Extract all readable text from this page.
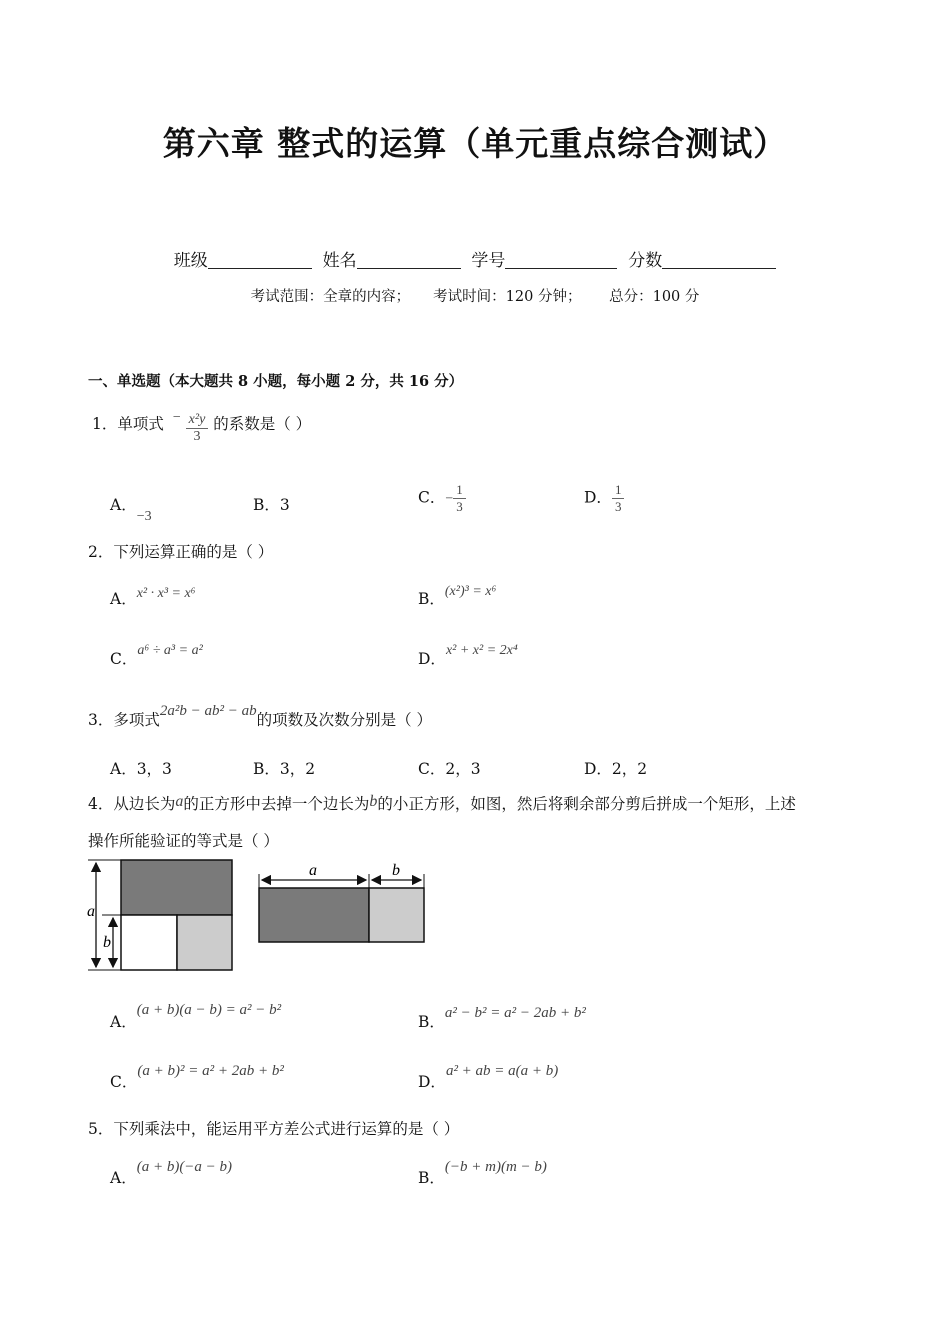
第六章 整式的运算（单元重点综合测试）
班级	姓名	学号	分数
考试范围：全章的内容；     考试时间：120 分钟；      总分：100 分
一、单选题（本大题共 8 小题，每小题 2 分，共 16 分）
1．单项式 − $\frac{\text{x²y}}{3}$ 的系数是（ ）
A．−3
B．3	C．− $\frac{1}{3}$	D． $\frac{1}{3}$
2．下列运算正确的是（ ）
A．x² · x³ = x⁶	B．(x²)³ = x⁶
C．a⁶ ÷ a³ = a²	D．x² + x² = 2x⁴
3．多项式2a²b − ab² − ab的项数及次数分别是（ ）
A．3，3	B．3，2	C．2，3	D．2，2
4．从边长为a的正方形中去掉一个边长为b的小正方形，如图，然后将剩余部分剪后拼成一个矩形，上述
操作所能验证的等式是（ ）
a
b
a	b
A．(a + b)(a − b) = a² − b²
B．a² − b² = a² − 2ab + b²
C．(a + b)² = a² + 2ab + b²
D．a² + ab = a(a + b)
5．下列乘法中，能运用平方差公式进行运算的是（ ）
A．(a + b)(−a − b)
B．(−b + m)(m − b)
